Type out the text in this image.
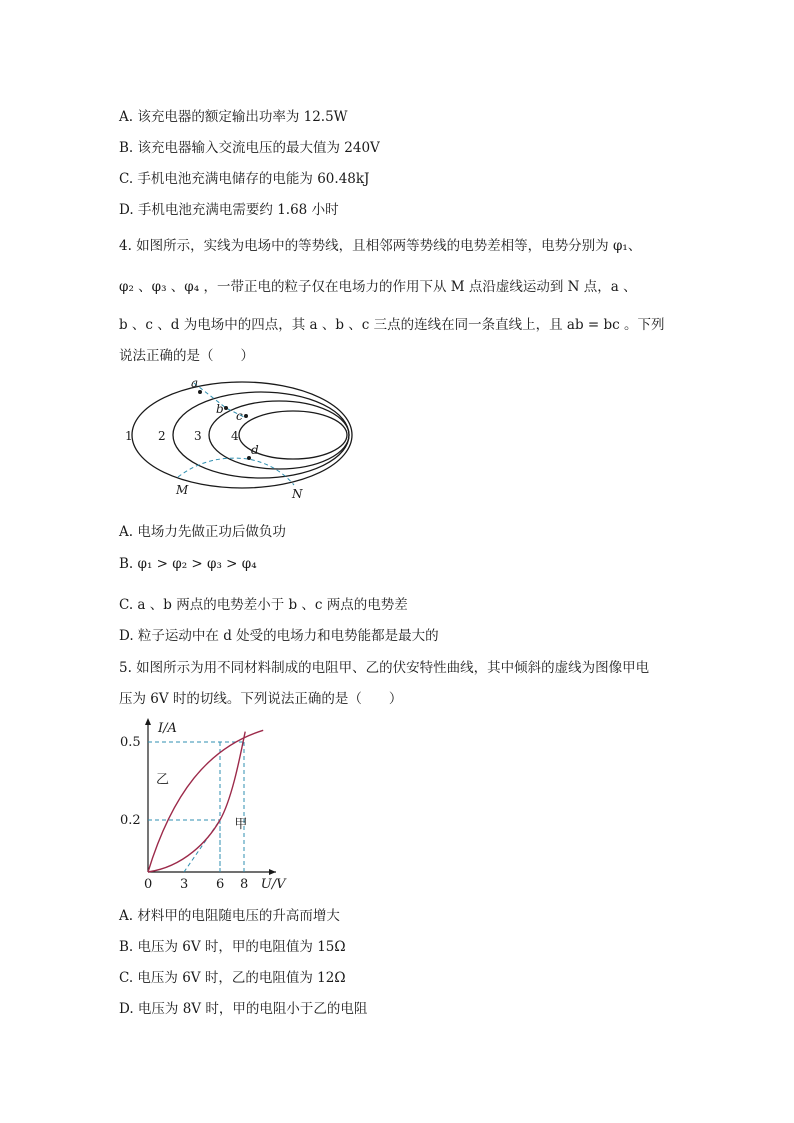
A. 该充电器的额定输出功率为 12.5W
B. 该充电器输入交流电压的最大值为 240V
C. 手机电池充满电储存的电能为 60.48kJ
D. 手机电池充满电需要约 1.68 小时
4. 如图所示，实线为电场中的等势线，且相邻两等势线的电势差相等，电势分别为 φ₁、
φ₂ 、φ₃ 、φ₄ ，一带正电的粒子仅在电场力的作用下从 M 点沿虚线运动到 N 点，a 、
b 、c 、d 为电场中的四点，其 a 、b 、c 三点的连线在同一条直线上，且 ab = bc 。下列
说法正确的是（　　）
1 2 3 4
a
b c
d
M	N
A. 电场力先做正功后做负功
B. φ₁ > φ₂ > φ₃ > φ₄
C. a 、b 两点的电势差小于 b 、c 两点的电势差
D. 粒子运动中在 d 处受的电场力和电势能都是最大的
5. 如图所示为用不同材料制成的电阻甲、乙的伏安特性曲线，其中倾斜的虚线为图像甲电
压为 6V 时的切线。下列说法正确的是（　　）
0 3 6 8
0.2
0.5
U/V
I/A
乙
甲
A. 材料甲的电阻随电压的升高而增大
B. 电压为 6V 时，甲的电阻值为 15Ω
C. 电压为 6V 时，乙的电阻值为 12Ω
D. 电压为 8V 时，甲的电阻小于乙的电阻
